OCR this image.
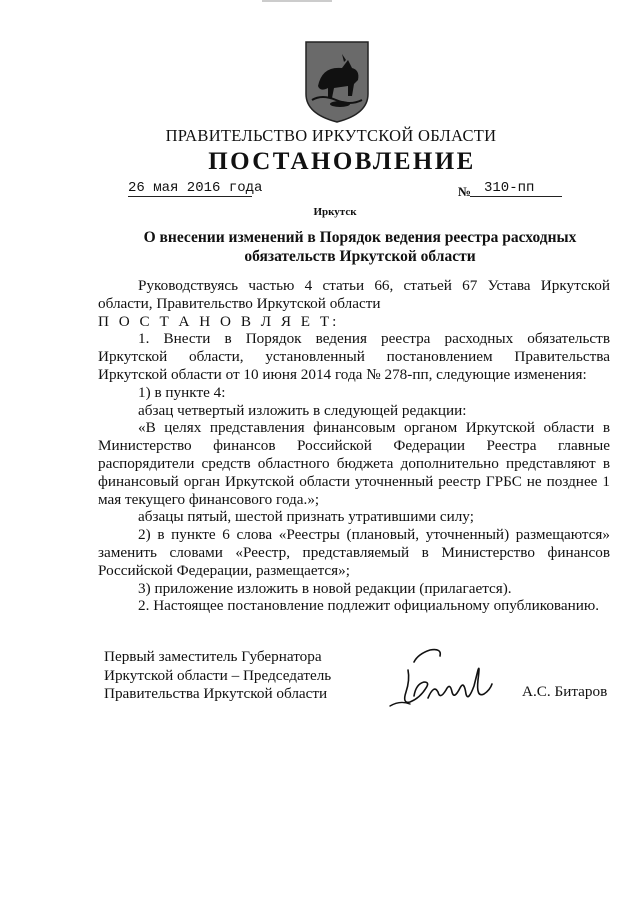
ПРАВИТЕЛЬСТВО ИРКУТСКОЙ ОБЛАСТИ
ПОСТАНОВЛЕНИЕ
26 мая 2016 года	№ 310-пп
Иркутск
О внесении изменений в Порядок ведения реестра расходных
обязательств Иркутской области

Руководствуясь частью 4 статьи 66, статьей 67 Устава Иркутской области, Правительство Иркутской области

П О С Т А Н О В Л Я Е Т:

1. Внести в Порядок ведения реестра расходных обязательств Иркутской области, установленный постановлением Правительства Иркутской области от 10 июня 2014 года № 278-пп, следующие изменения:

1) в пункте 4:

абзац четвертый изложить в следующей редакции:

«В целях представления финансовым органом Иркутской области в Министерство финансов Российской Федерации Реестра главные распорядители средств областного бюджета дополнительно представляют в финансовый орган Иркутской области уточненный реестр ГРБС не позднее 1 мая текущего финансового года.»;

абзацы пятый, шестой признать утратившими силу;

2) в пункте 6 слова «Реестры (плановый, уточненный) размещаются» заменить словами «Реестр, представляемый в Министерство финансов Российской Федерации, размещается»;

3) приложение изложить в новой редакции (прилагается).

2. Настоящее постановление подлежит официальному опубликованию.

Первый заместитель Губернатора
Иркутской области – Председатель
Правительства Иркутской области	А.С. Битаров
